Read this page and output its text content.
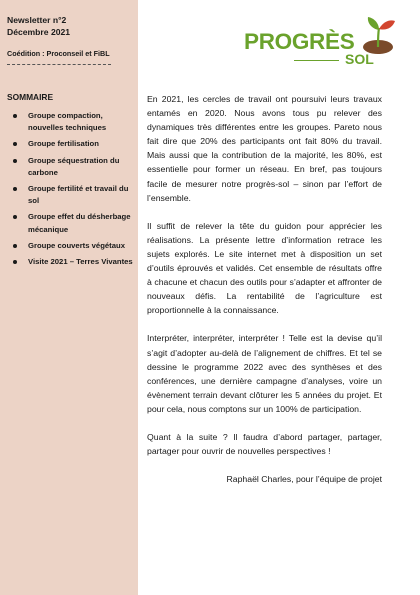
Newsletter n°2
Décembre 2021
Coédition : Proconseil et FiBL
SOMMAIRE
Groupe compaction, nouvelles techniques
Groupe fertilisation
Groupe séquestration du carbone
Groupe fertilité et travail du sol
Groupe effet du désherbage mécanique
Groupe couverts végétaux
Visite 2021 – Terres Vivantes
PROGRÈS
SOL

En 2021, les cercles de travail ont poursuivi leurs travaux entamés en 2020. Nous avons tous pu relever des dynamiques très différentes entre les groupes. Pareto nous fait dire que 20% des participants ont fait 80% du travail. Mais aussi que la contribution de la majorité, les 80%, est essentielle pour former un réseau. En bref, pas toujours facile de mesurer notre progrès-sol – sinon par l’effort de l’ensemble.

Il suffit de relever la tête du guidon pour apprécier les réalisations. La présente lettre d’information retrace les sujets explorés. Le site internet met à disposition un set d’outils éprouvés et validés. Cet ensemble de résultats offre à chacune et chacun des outils pour s’adapter et affronter de nouveaux défis. La rentabilité de l’agriculture est proportionnelle à la connaissance.

Interpréter, interpréter, interpréter ! Telle est la devise qu’il s’agit d’adopter au-delà de l’alignement de chiffres. Et tel se dessine le programme 2022 avec des synthèses et des conférences, une dernière campagne d’analyses, voire un évènement terrain devant clôturer les 5 années du projet. Et pour cela, nous comptons sur un 100% de participation.

Quant à la suite ? Il faudra d’abord partager, partager, partager pour ouvrir de nouvelles perspectives !

Raphaël Charles, pour l’équipe de projet
